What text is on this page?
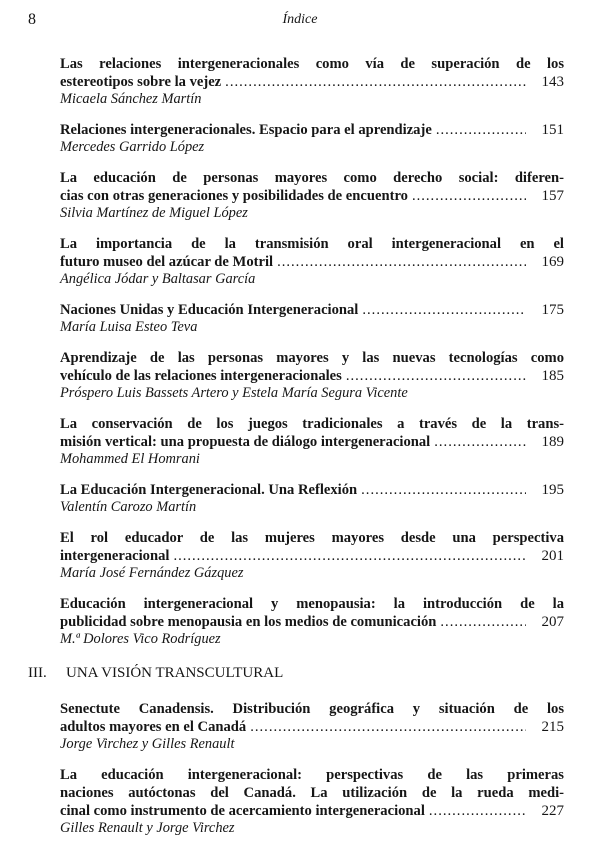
8	Índice
Las relaciones intergeneracionales como vía de superación de los
estereotipos sobre la vejez .....	143
Micaela Sánchez Martín
Relaciones intergeneracionales. Espacio para el aprendizaje .....	151
Mercedes Garrido López
La educación de personas mayores como derecho social: diferen-
cias con otras generaciones y posibilidades de encuentro .....	157
Silvia Martínez de Miguel López
La importancia de la transmisión oral intergeneracional en el
futuro museo del azúcar de Motril .....	169
Angélica Jódar y Baltasar García
Naciones Unidas y Educación Intergeneracional .....	175
María Luisa Esteo Teva
Aprendizaje de las personas mayores y las nuevas tecnologías como
vehículo de las relaciones intergeneracionales .....	185
Próspero Luis Bassets Artero y Estela María Segura Vicente
La conservación de los juegos tradicionales a través de la trans-
misión vertical: una propuesta de diálogo intergeneracional .....	189
Mohammed El Homrani
La Educación Intergeneracional. Una Reflexión .....	195
Valentín Carozo Martín
El rol educador de las mujeres mayores desde una perspectiva
intergeneracional .....	201
María José Fernández Gázquez
Educación intergeneracional y menopausia: la introducción de la
publicidad sobre menopausia en los medios de comunicación .....	207
M.ª Dolores Vico Rodríguez
III. UNA VISIÓN TRANSCULTURAL
Senectute Canadensis. Distribución geográfica y situación de los
adultos mayores en el Canadá .....	215
Jorge Virchez y Gilles Renault
La educación intergeneracional: perspectivas de las primeras
naciones autóctonas del Canadá. La utilización de la rueda medi-
cinal como instrumento de acercamiento intergeneracional .....	227
Gilles Renault y Jorge Virchez
